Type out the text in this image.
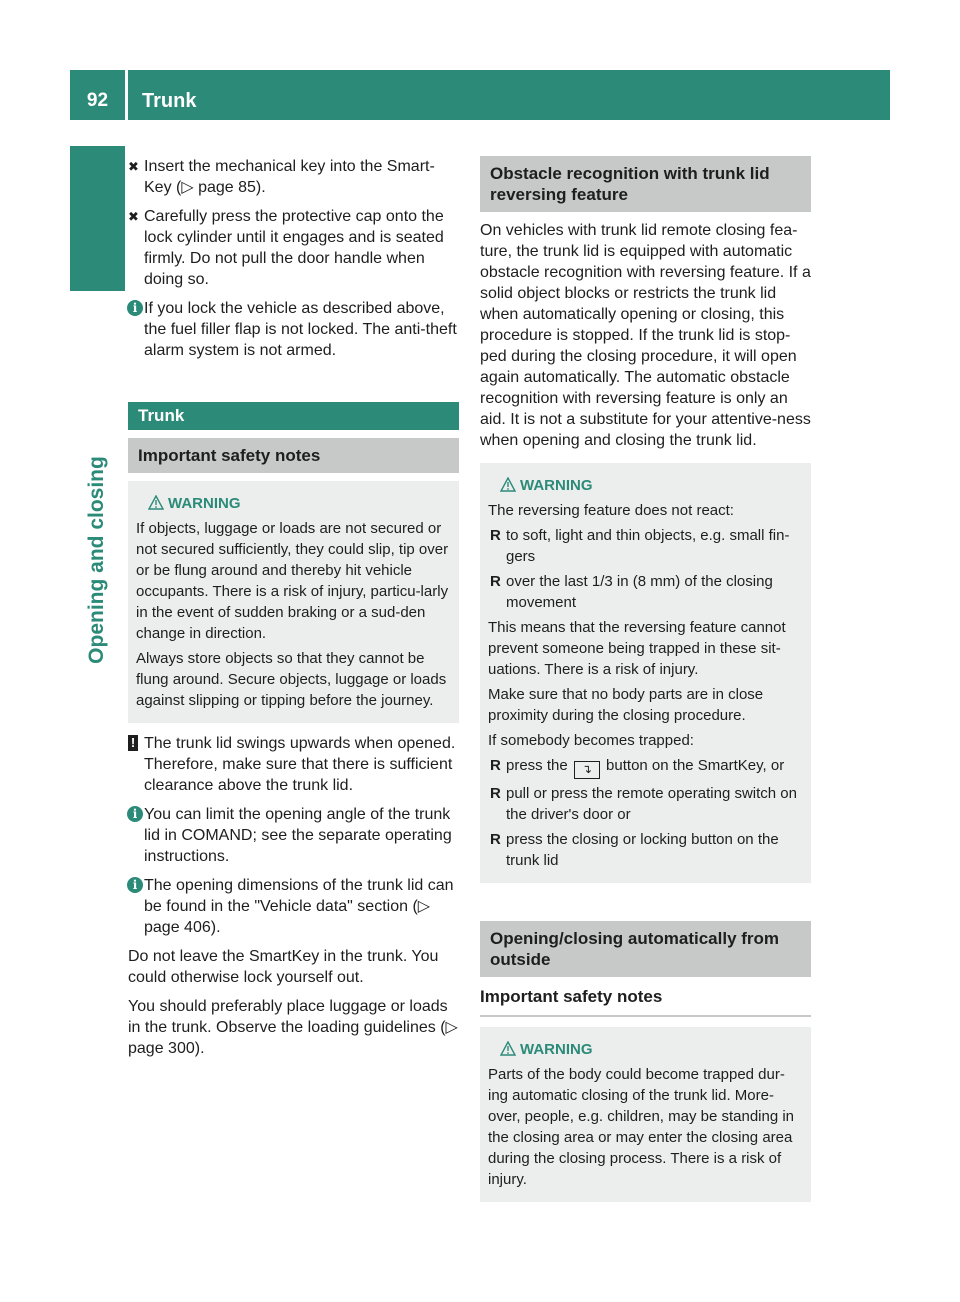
92	Trunk
Opening and closing

✖ Insert the mechanical key into the Smart-Key (▷ page 85).

✖ Carefully press the protective cap onto the lock cylinder until it engages and is seated firmly. Do not pull the door handle when doing so.

i If you lock the vehicle as described above, the fuel filler flap is not locked. The anti-theft alarm system is not armed.

Trunk
Important safety notes
WARNING

If objects, luggage or loads are not secured or not secured sufficiently, they could slip, tip over or be flung around and thereby hit vehicle occupants. There is a risk of injury, particu-larly in the event of sudden braking or a sud-den change in direction.

Always store objects so that they cannot be flung around. Secure objects, luggage or loads against slipping or tipping before the journey.

! The trunk lid swings upwards when opened. Therefore, make sure that there is sufficient clearance above the trunk lid.

i You can limit the opening angle of the trunk lid in COMAND; see the separate operating instructions.

i The opening dimensions of the trunk lid can be found in the "Vehicle data" section (▷ page 406).

Do not leave the SmartKey in the trunk. You could otherwise lock yourself out.

You should preferably place luggage or loads in the trunk. Observe the loading guidelines (▷ page 300).

Obstacle recognition with trunk lid reversing feature

On vehicles with trunk lid remote closing fea-ture, the trunk lid is equipped with automatic obstacle recognition with reversing feature. If a solid object blocks or restricts the trunk lid when automatically opening or closing, this procedure is stopped. If the trunk lid is stop-ped during the closing procedure, it will open again automatically. The automatic obstacle recognition with reversing feature is only an aid. It is not a substitute for your attentive-ness when opening and closing the trunk lid.

WARNING

The reversing feature does not react:

R to soft, light and thin objects, e.g. small fin-gers

R over the last 1/3 in (8 mm) of the closing movement

This means that the reversing feature cannot prevent someone being trapped in these sit-uations. There is a risk of injury.

Make sure that no body parts are in close proximity during the closing procedure.

If somebody becomes trapped:

R press the ↴ button on the SmartKey, or

R pull or press the remote operating switch on the driver's door or

R press the closing or locking button on the trunk lid

Opening/closing automatically from outside
Important safety notes
WARNING

Parts of the body could become trapped dur-ing automatic closing of the trunk lid. More-over, people, e.g. children, may be standing in the closing area or may enter the closing area during the closing process. There is a risk of injury.
